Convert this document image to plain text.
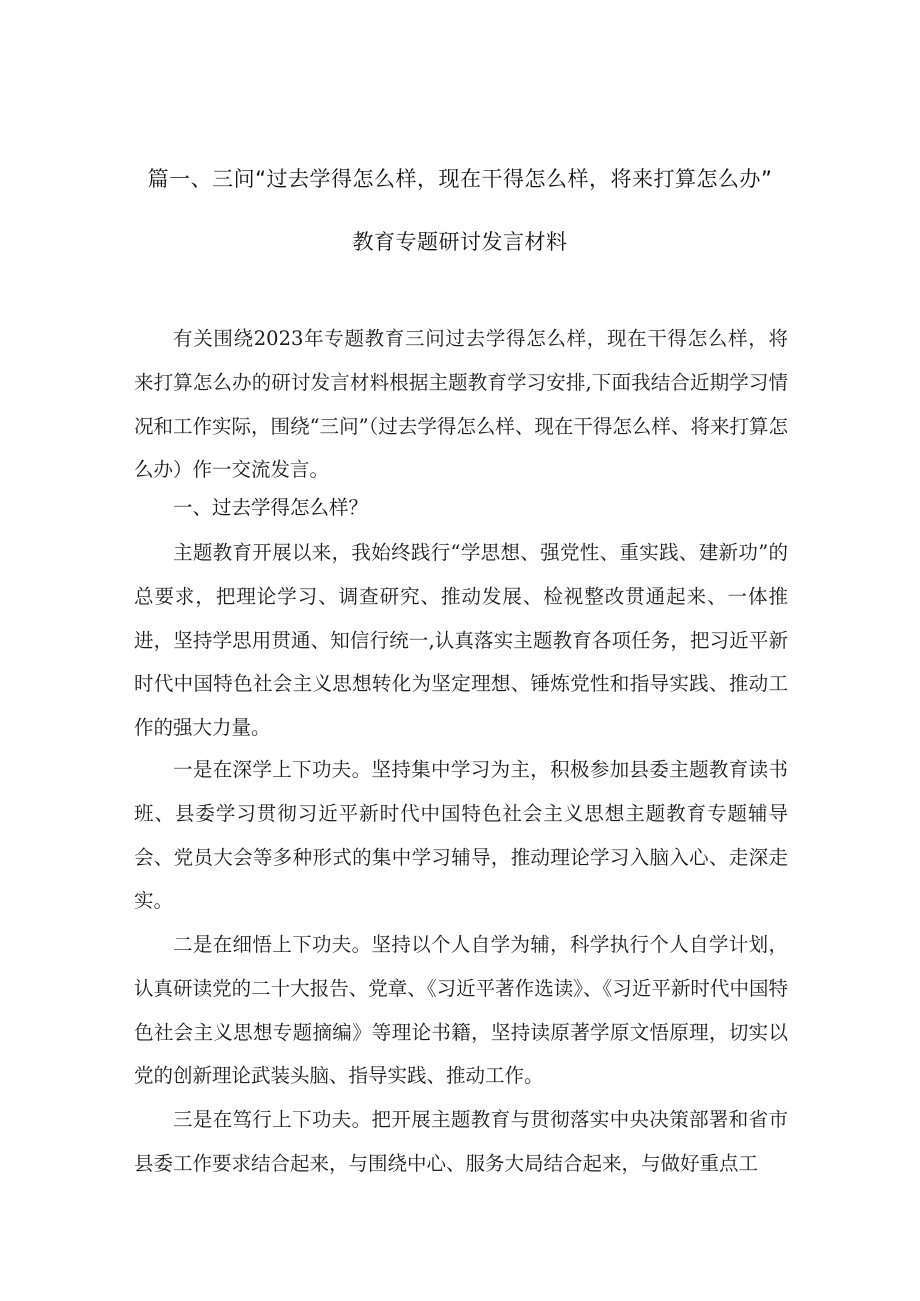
篇一、三问“过去学得怎么样，现在干得怎么样，将来打算怎么办”
教育专题研讨发言材料

有关围绕2023年专题教育三问过去学得怎么样，现在干得怎么样，将来打算怎么办的研讨发言材料根据主题教育学习安排,下面我结合近期学习情况和工作实际，围绕“三问”（过去学得怎么样、现在干得怎么样、将来打算怎么办）作一交流发言。

一、过去学得怎么样？

主题教育开展以来，我始终践行“学思想、强党性、重实践、建新功”的总要求，把理论学习、调查研究、推动发展、检视整改贯通起来、一体推进，坚持学思用贯通、知信行统一,认真落实主题教育各项任务，把习近平新时代中国特色社会主义思想转化为坚定理想、锤炼党性和指导实践、推动工作的强大力量。

一是在深学上下功夫。坚持集中学习为主，积极参加县委主题教育读书班、县委学习贯彻习近平新时代中国特色社会主义思想主题教育专题辅导会、党员大会等多种形式的集中学习辅导，推动理论学习入脑入心、走深走实。

二是在细悟上下功夫。坚持以个人自学为辅，科学执行个人自学计划，认真研读党的二十大报告、党章、《习近平著作选读》、《习近平新时代中国特色社会主义思想专题摘编》等理论书籍，坚持读原著学原文悟原理，切实以党的创新理论武装头脑、指导实践、推动工作。

三是在笃行上下功夫。把开展主题教育与贯彻落实中央决策部署和省市县委工作要求结合起来，与围绕中心、服务大局结合起来，与做好重点工
